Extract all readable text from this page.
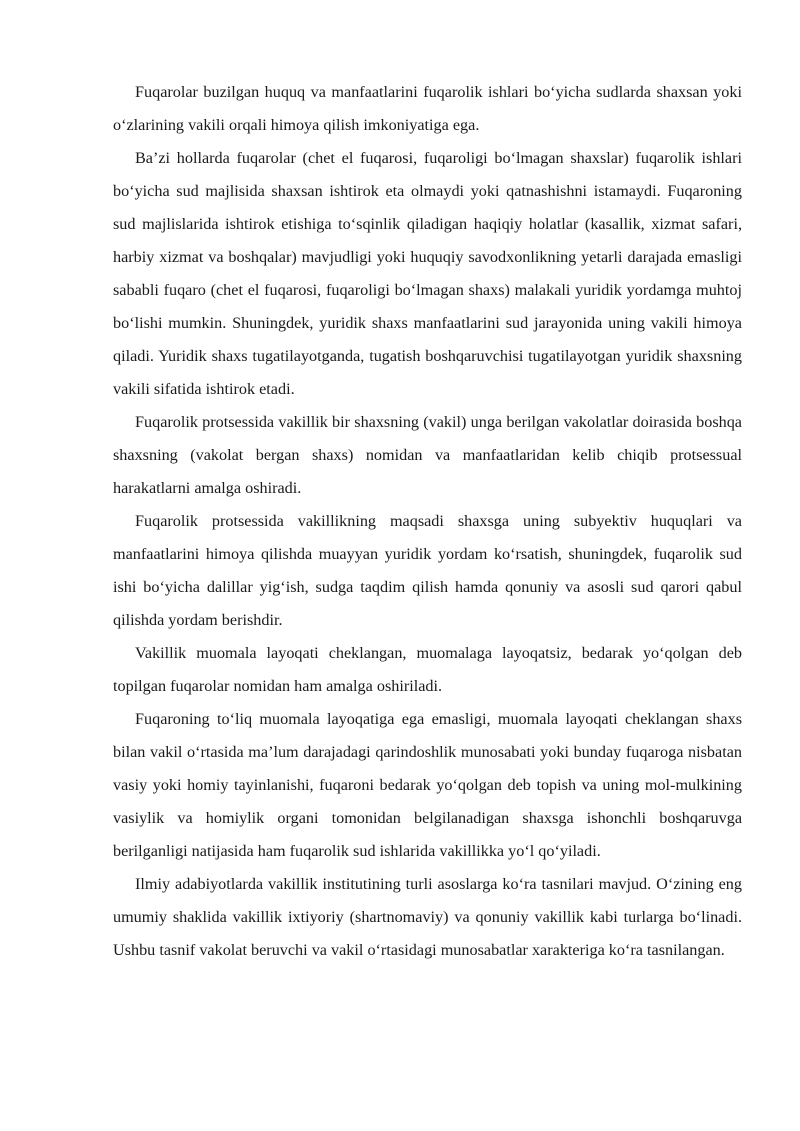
Fuqarolar buzilgan huquq va manfaatlarini fuqarolik ishlari bo‘yicha sudlarda shaxsan yoki o‘zlarining vakili orqali himoya qilish imkoniyatiga ega.

Ba’zi hollarda fuqarolar (chet el fuqarosi, fuqaroligi bo‘lmagan shaxslar) fuqarolik ishlari bo‘yicha sud majlisida shaxsan ishtirok eta olmaydi yoki qatnashishni istamaydi. Fuqaroning sud majlislarida ishtirok etishiga to‘sqinlik qiladigan haqiqiy holatlar (kasallik, xizmat safari, harbiy xizmat va boshqalar) mavjudligi yoki huquqiy savodxonlikning yetarli darajada emasligi sababli fuqaro (chet el fuqarosi, fuqaroligi bo‘lmagan shaxs) malakali yuridik yordamga muhtoj bo‘lishi mumkin. Shuningdek, yuridik shaxs manfaatlarini sud jarayonida uning vakili himoya qiladi. Yuridik shaxs tugatilayotganda, tugatish boshqaruvchisi tugatilayotgan yuridik shaxsning vakili sifatida ishtirok etadi.

Fuqarolik protsessida vakillik bir shaxsning (vakil) unga berilgan vakolatlar doirasida boshqa shaxsning (vakolat bergan shaxs) nomidan va manfaatlaridan kelib chiqib protsessual harakatlarni amalga oshiradi.

Fuqarolik protsessida vakillikning maqsadi shaxsga uning subyektiv huquqlari va manfaatlarini himoya qilishda muayyan yuridik yordam ko‘rsatish, shuningdek, fuqarolik sud ishi bo‘yicha dalillar yig‘ish, sudga taqdim qilish hamda qonuniy va asosli sud qarori qabul qilishda yordam berishdir.

Vakillik muomala layoqati cheklangan, muomalaga layoqatsiz, bedarak yo‘qolgan deb topilgan fuqarolar nomidan ham amalga oshiriladi.

Fuqaroning to‘liq muomala layoqatiga ega emasligi, muomala layoqati cheklangan shaxs bilan vakil o‘rtasida ma’lum darajadagi qarindoshlik munosabati yoki bunday fuqaroga nisbatan vasiy yoki homiy tayinlanishi, fuqaroni bedarak yo‘qolgan deb topish va uning mol-mulkining vasiylik va homiylik organi tomonidan belgilanadigan shaxsga ishonchli boshqaruvga berilganligi natijasida ham fuqarolik sud ishlarida vakillikka yo‘l qo‘yiladi.

Ilmiy adabiyotlarda vakillik institutining turli asoslarga ko‘ra tasnilari mavjud. O‘zining eng umumiy shaklida vakillik ixtiyoriy (shartnomaviy) va qonuniy vakillik kabi turlarga bo‘linadi. Ushbu tasnif vakolat beruvchi va vakil o‘rtasidagi munosabatlar xarakteriga ko‘ra tasnilangan.
